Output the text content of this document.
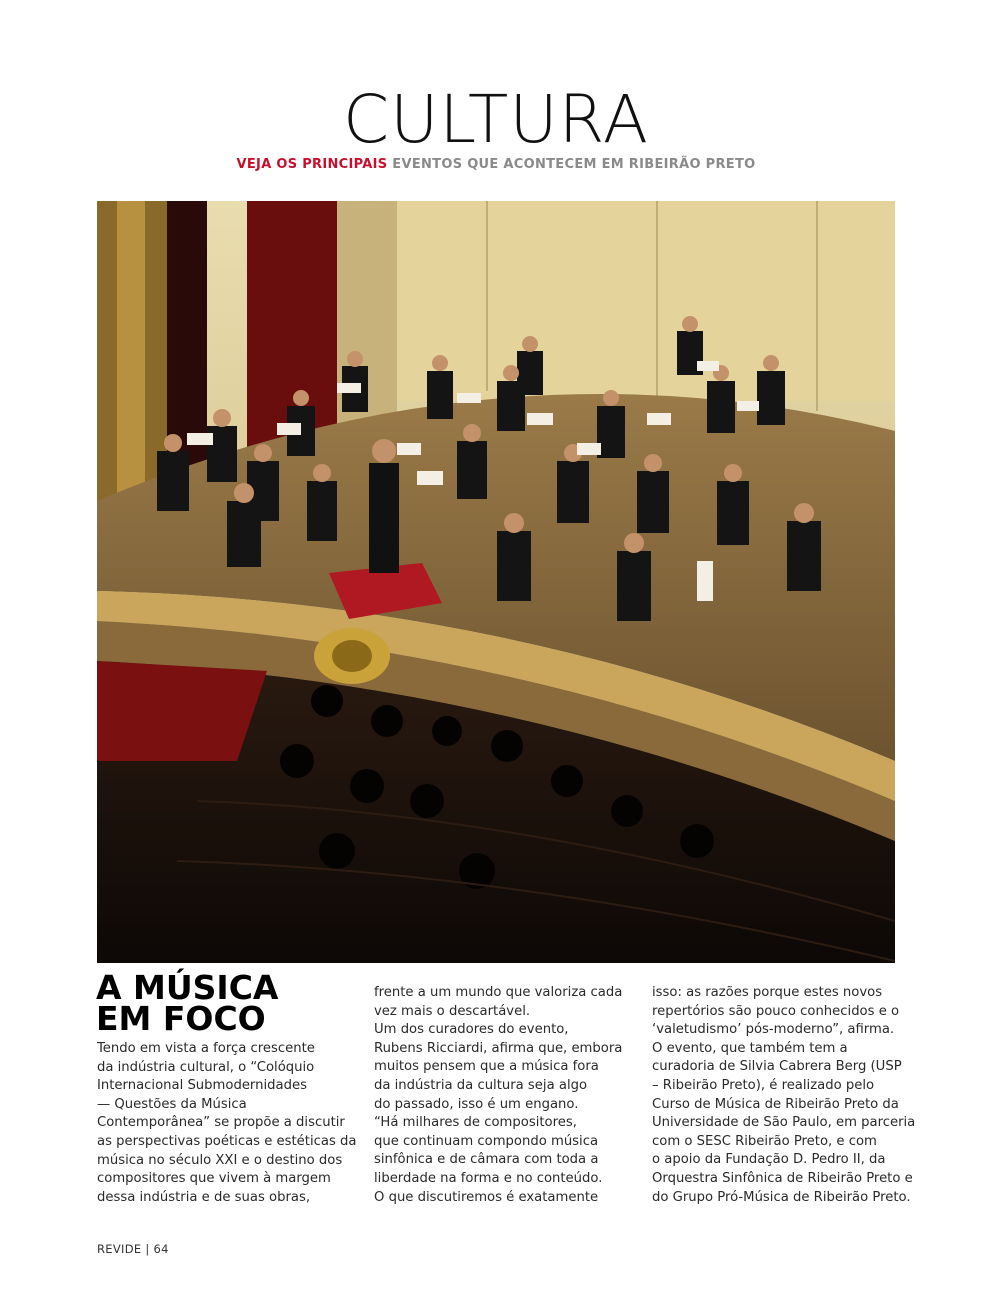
CULTURA
VEJA OS PRINCIPAIS EVENTOS QUE ACONTECEM EM RIBEIRÃO PRETO
A MÚSICA
EM FOCO
Tendo em vista a força crescente
da indústria cultural, o “Colóquio
Internacional Submodernidades
— Questões da Música
Contemporânea” se propõe a discutir
as perspectivas poéticas e estéticas da
música no século XXI e o destino dos
compositores que vivem à margem
dessa indústria e de suas obras,
frente a um mundo que valoriza cada
vez mais o descartável.
Um dos curadores do evento,
Rubens Ricciardi, afirma que, embora
muitos pensem que a música fora
da indústria da cultura seja algo
do passado, isso é um engano.
“Há milhares de compositores,
que continuam compondo música
sinfônica e de câmara com toda a
liberdade na forma e no conteúdo.
O que discutiremos é exatamente
isso: as razões porque estes novos
repertórios são pouco conhecidos e o
‘valetudismo’ pós-moderno”, afirma.
O evento, que também tem a
curadoria de Silvia Cabrera Berg (USP
– Ribeirão Preto), é realizado pelo
Curso de Música de Ribeirão Preto da
Universidade de São Paulo, em parceria
com o SESC Ribeirão Preto, e com
o apoio da Fundação D. Pedro II, da
Orquestra Sinfônica de Ribeirão Preto e
do Grupo Pró-Música de Ribeirão Preto.
REVIDE | 64
